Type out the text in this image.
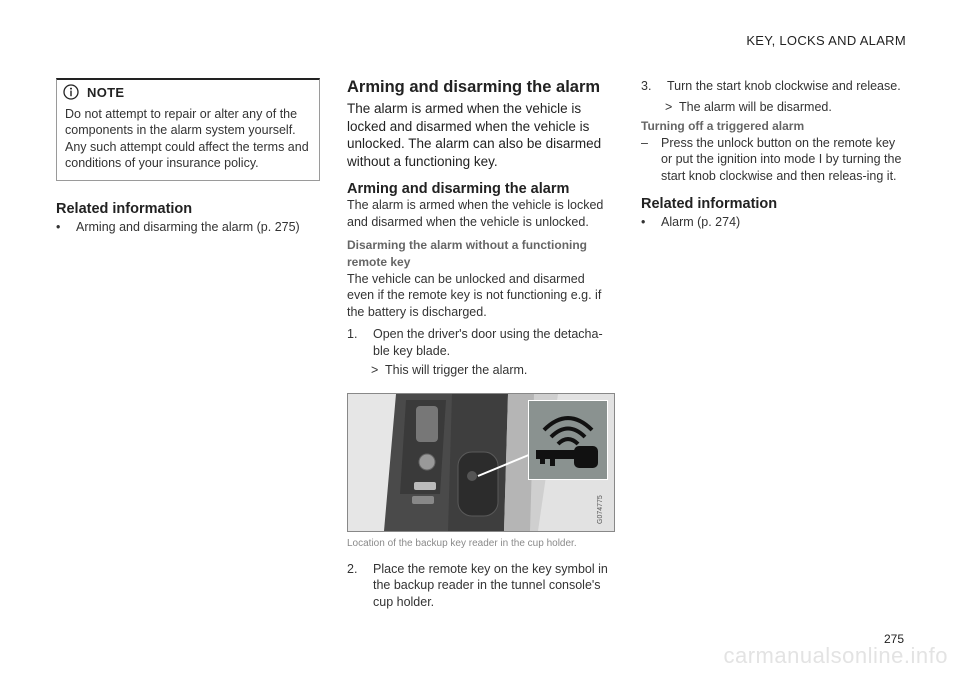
KEY, LOCKS AND ALARM
NOTE
Do not attempt to repair or alter any of the components in the alarm system yourself. Any such attempt could affect the terms and conditions of your insurance policy.
Related information
•	Arming and disarming the alarm (p. 275)
Arming and disarming the alarm

The alarm is armed when the vehicle is locked and disarmed when the vehicle is unlocked. The alarm can also be disarmed without a functioning key.

Arming and disarming the alarm

The alarm is armed when the vehicle is locked and disarmed when the vehicle is unlocked.

Disarming the alarm without a functioning remote key

The vehicle can be unlocked and disarmed even if the remote key is not functioning e.g. if the battery is discharged.

1.	Open the driver's door using the detacha-ble key blade.
> This will trigger the alarm.
G074775
Location of the backup key reader in the cup holder.
2.	Place the remote key on the key symbol in the backup reader in the tunnel console's cup holder.
3.	Turn the start knob clockwise and release.
> The alarm will be disarmed.
Turning off a triggered alarm
–	Press the unlock button on the remote key or put the ignition into mode I by turning the start knob clockwise and then releas-ing it.
Related information
•	Alarm (p. 274)
275
carmanualsonline.info
